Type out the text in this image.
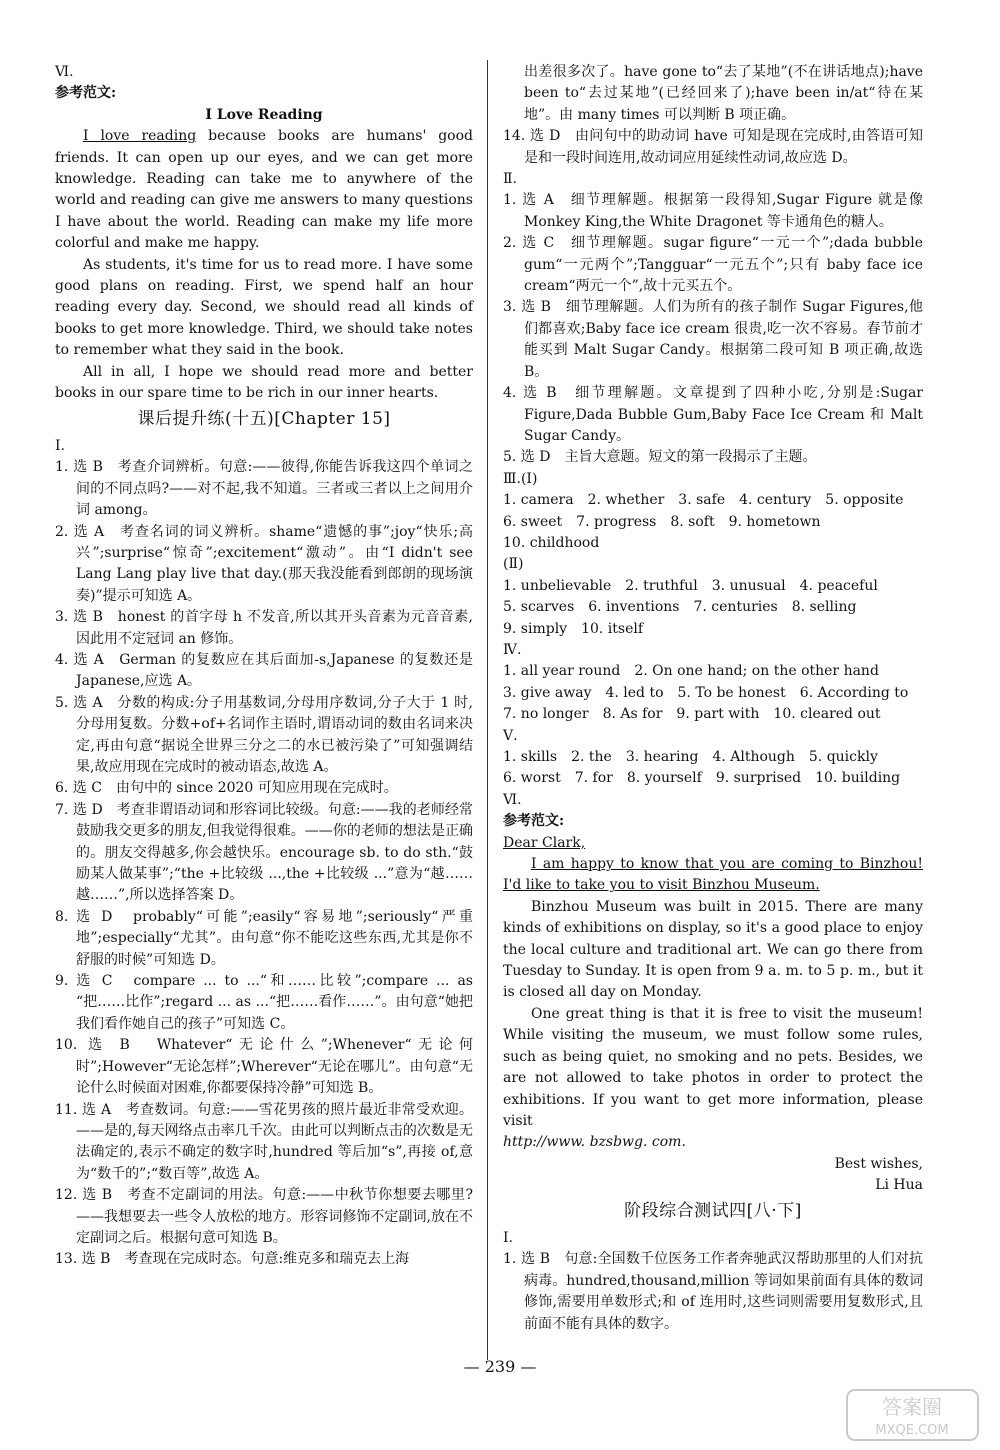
Ⅵ.

参考范文:

I Love Reading

I love reading because books are humans' good friends. It can open up our eyes, and we can get more knowledge. Reading can take me to anywhere of the world and reading can give me answers to many questions I have about the world. Reading can make my life more colorful and make me happy.

As students, it's time for us to read more. I have some good plans on reading. First, we spend half an hour reading every day. Second, we should read all kinds of books to get more knowledge. Third, we should take notes to remember what they said in the book.

All in all, I hope we should read more and better books in our spare time to be rich in our inner hearts.

课后提升练(十五)[Chapter 15]

Ⅰ.

1. 选 B　考查介词辨析。句意:——彼得,你能告诉我这四个单词之间的不同点吗?——对不起,我不知道。三者或三者以上之间用介词 among。

2. 选 A　考查名词的词义辨析。shame“遗憾的事”;joy“快乐;高兴”;surprise“惊奇”;excitement“激动”。由“I didn't see Lang Lang play live that day.(那天我没能看到郎朗的现场演奏)”提示可知选 A。

3. 选 B　honest 的首字母 h 不发音,所以其开头音素为元音音素,因此用不定冠词 an 修饰。

4. 选 A　German 的复数应在其后面加-s,Japanese 的复数还是 Japanese,应选 A。

5. 选 A　分数的构成:分子用基数词,分母用序数词,分子大于 1 时,分母用复数。分数+of+名词作主语时,谓语动词的数由名词来决定,再由句意“据说全世界三分之二的水已被污染了”可知强调结果,故应用现在完成时的被动语态,故选 A。

6. 选 C　由句中的 since 2020 可知应用现在完成时。

7. 选 D　考查非谓语动词和形容词比较级。句意:——我的老师经常鼓励我交更多的朋友,但我觉得很难。——你的老师的想法是正确的。朋友交得越多,你会越快乐。encourage sb. to do sth.“鼓励某人做某事”;“the +比较级 ...,the +比较级 ...”意为“越……越……”,所以选择答案 D。

8. 选 D　probably“可能”;easily“容易地”;seriously“严重地”;especially“尤其”。由句意“你不能吃这些东西,尤其是你不舒服的时候”可知选 D。

9. 选 C　compare ... to ...“和……比较”;compare ... as “把……比作”;regard ... as ...“把……看作……”。由句意“她把我们看作她自己的孩子”可知选 C。

10. 选 B　Whatever“无论什么”;Whenever“无论何时”;However“无论怎样”;Wherever“无论在哪儿”。由句意“无论什么时候面对困难,你都要保持冷静”可知选 B。

11. 选 A　考查数词。句意:——雪花男孩的照片最近非常受欢迎。——是的,每天网络点击率几千次。由此可以判断点击的次数是无法确定的,表示不确定的数字时,hundred 等后加“s”,再接 of,意为“数千的”;“数百等”,故选 A。

12. 选 B　考查不定副词的用法。句意:——中秋节你想要去哪里?——我想要去一些令人放松的地方。形容词修饰不定副词,放在不定副词之后。根据句意可知选 B。

13. 选 B　考查现在完成时态。句意:维克多和瑞克去上海

出差很多次了。have gone to“去了某地”(不在讲话地点);have been to“去过某地”(已经回来了);have been in/at“待在某地”。由 many times 可以判断 B 项正确。

14. 选 D　由问句中的助动词 have 可知是现在完成时,由答语可知是和一段时间连用,故动词应用延续性动词,故应选 D。

Ⅱ.

1. 选 A　细节理解题。根据第一段得知,Sugar Figure 就是像 Monkey King,the White Dragonet 等卡通角色的糖人。

2. 选 C　细节理解题。sugar figure“一元一个”;dada bubble gum“一元两个”;Tangguar“一元五个”;只有 baby face ice cream“两元一个”,故十元买五个。

3. 选 B　细节理解题。人们为所有的孩子制作 Sugar Figures,他们都喜欢;Baby face ice cream 很贵,吃一次不容易。春节前才能买到 Malt Sugar Candy。根据第二段可知 B 项正确,故选 B。

4. 选 B　细节理解题。文章提到了四种小吃,分别是:Sugar Figure,Dada Bubble Gum,Baby Face Ice Cream 和 Malt Sugar Candy。

5. 选 D　主旨大意题。短文的第一段揭示了主题。

Ⅲ.(Ⅰ)

1. camera　2. whether　3. safe　4. century　5. opposite

6. sweet　7. progress　8. soft　9. hometown

10. childhood

(Ⅱ)

1. unbelievable　2. truthful　3. unusual　4. peaceful

5. scarves　6. inventions　7. centuries　8. selling

9. simply　10. itself

Ⅳ.

1. all year round　2. On one hand; on the other hand

3. give away　4. led to　5. To be honest　6. According to

7. no longer　8. As for　9. part with　10. cleared out

Ⅴ.

1. skills　2. the　3. hearing　4. Although　5. quickly

6. worst　7. for　8. yourself　9. surprised　10. building

Ⅵ.

参考范文:

Dear Clark,

I am happy to know that you are coming to Binzhou! I'd like to take you to visit Binzhou Museum.

Binzhou Museum was built in 2015. There are many kinds of exhibitions on display, so it's a good place to enjoy the local culture and traditional art. We can go there from Tuesday to Sunday. It is open from 9 a. m. to 5 p. m., but it is closed all day on Monday.

One great thing is that it is free to visit the museum! While visiting the museum, we must follow some rules, such as being quiet, no smoking and no pets. Besides, we are not allowed to take photos in order to protect the exhibitions. If you want to get more information, please visit

http://www. bzsbwg. com.

Best wishes,

Li Hua

阶段综合测试四[八·下]

Ⅰ.

1. 选 B　句意:全国数千位医务工作者奔驰武汉帮助那里的人们对抗病毒。hundred,thousand,million 等词如果前面有具体的数词修饰,需要用单数形式;和 of 连用时,这些词则需要用复数形式,且前面不能有具体的数字。

— 239 —
答案圈
MXQE.COM
